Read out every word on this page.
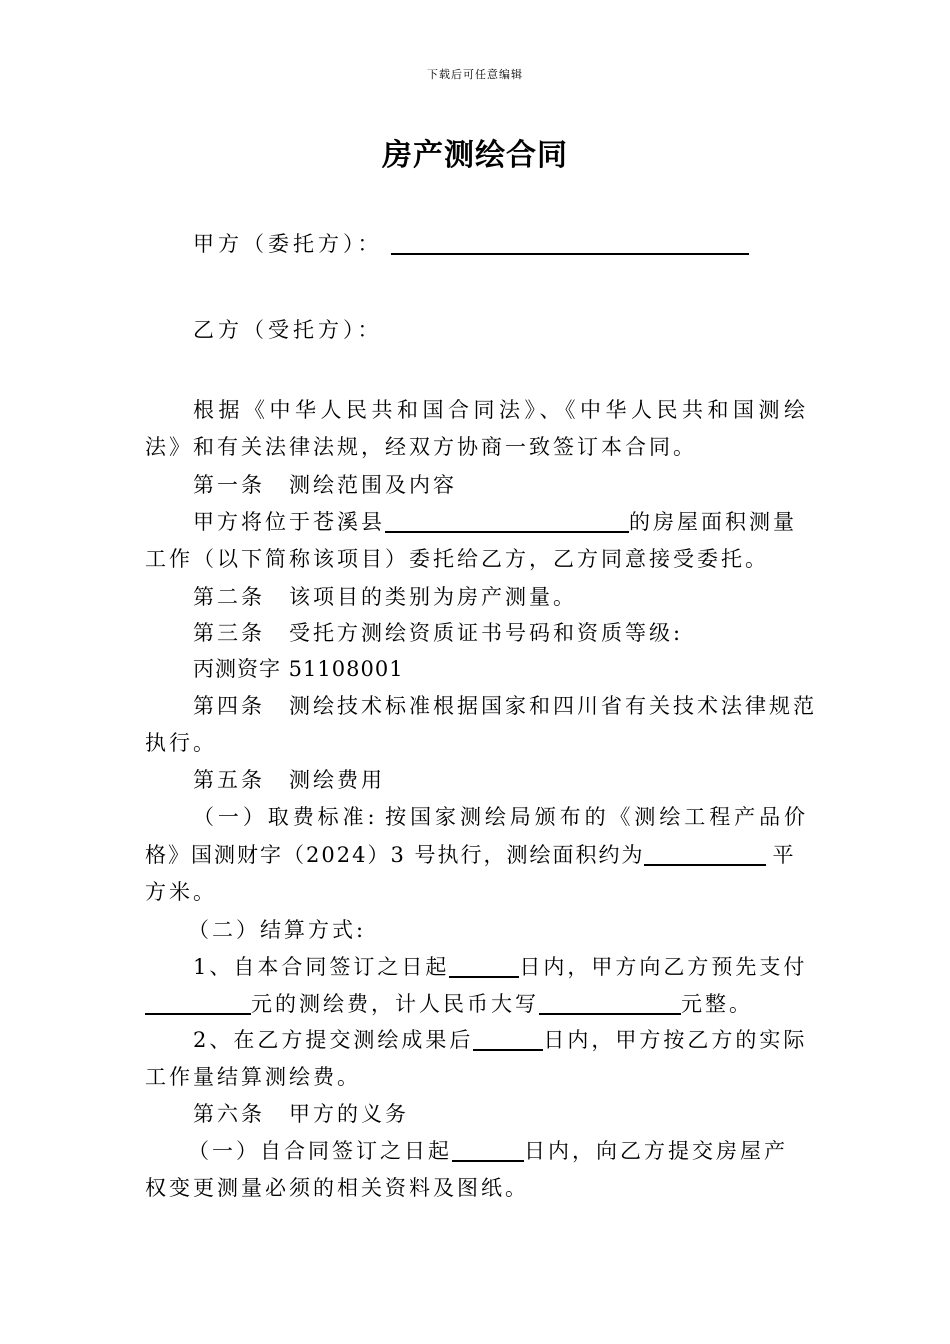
下载后可任意编辑
房产测绘合同
甲方（委托方）：
乙方（受托方）：
根据《中华人民共和国合同法》、《中华人民共和国测绘
法》和有关法律法规，经双方协商一致签订本合同。
第一条 测绘范围及内容
甲方将位于苍溪县	的房屋面积测量
工作（以下简称该项目）委托给乙方，乙方同意接受委托。
第二条 该项目的类别为房产测量。
第三条 受托方测绘资质证书号码和资质等级:
丙测资字 51108001
第四条 测绘技术标准根据国家和四川省有关技术法律规范
执行。
第五条 测绘费用
（一）取费标准: 按国家测绘局颁布的《测绘工程产品价
格》国测财字（2024）3 号执行，测绘面积约为	平
方米。
（二）结算方式:
1、自本合同签订之日起	日内，甲方向乙方预先支付
元的测绘费，计人民币大写	元整。
2、在乙方提交测绘成果后	日内，甲方按乙方的实际
工作量结算测绘费。
第六条 甲方的义务
（一）自合同签订之日起	日内，向乙方提交房屋产
权变更测量必须的相关资料及图纸。
